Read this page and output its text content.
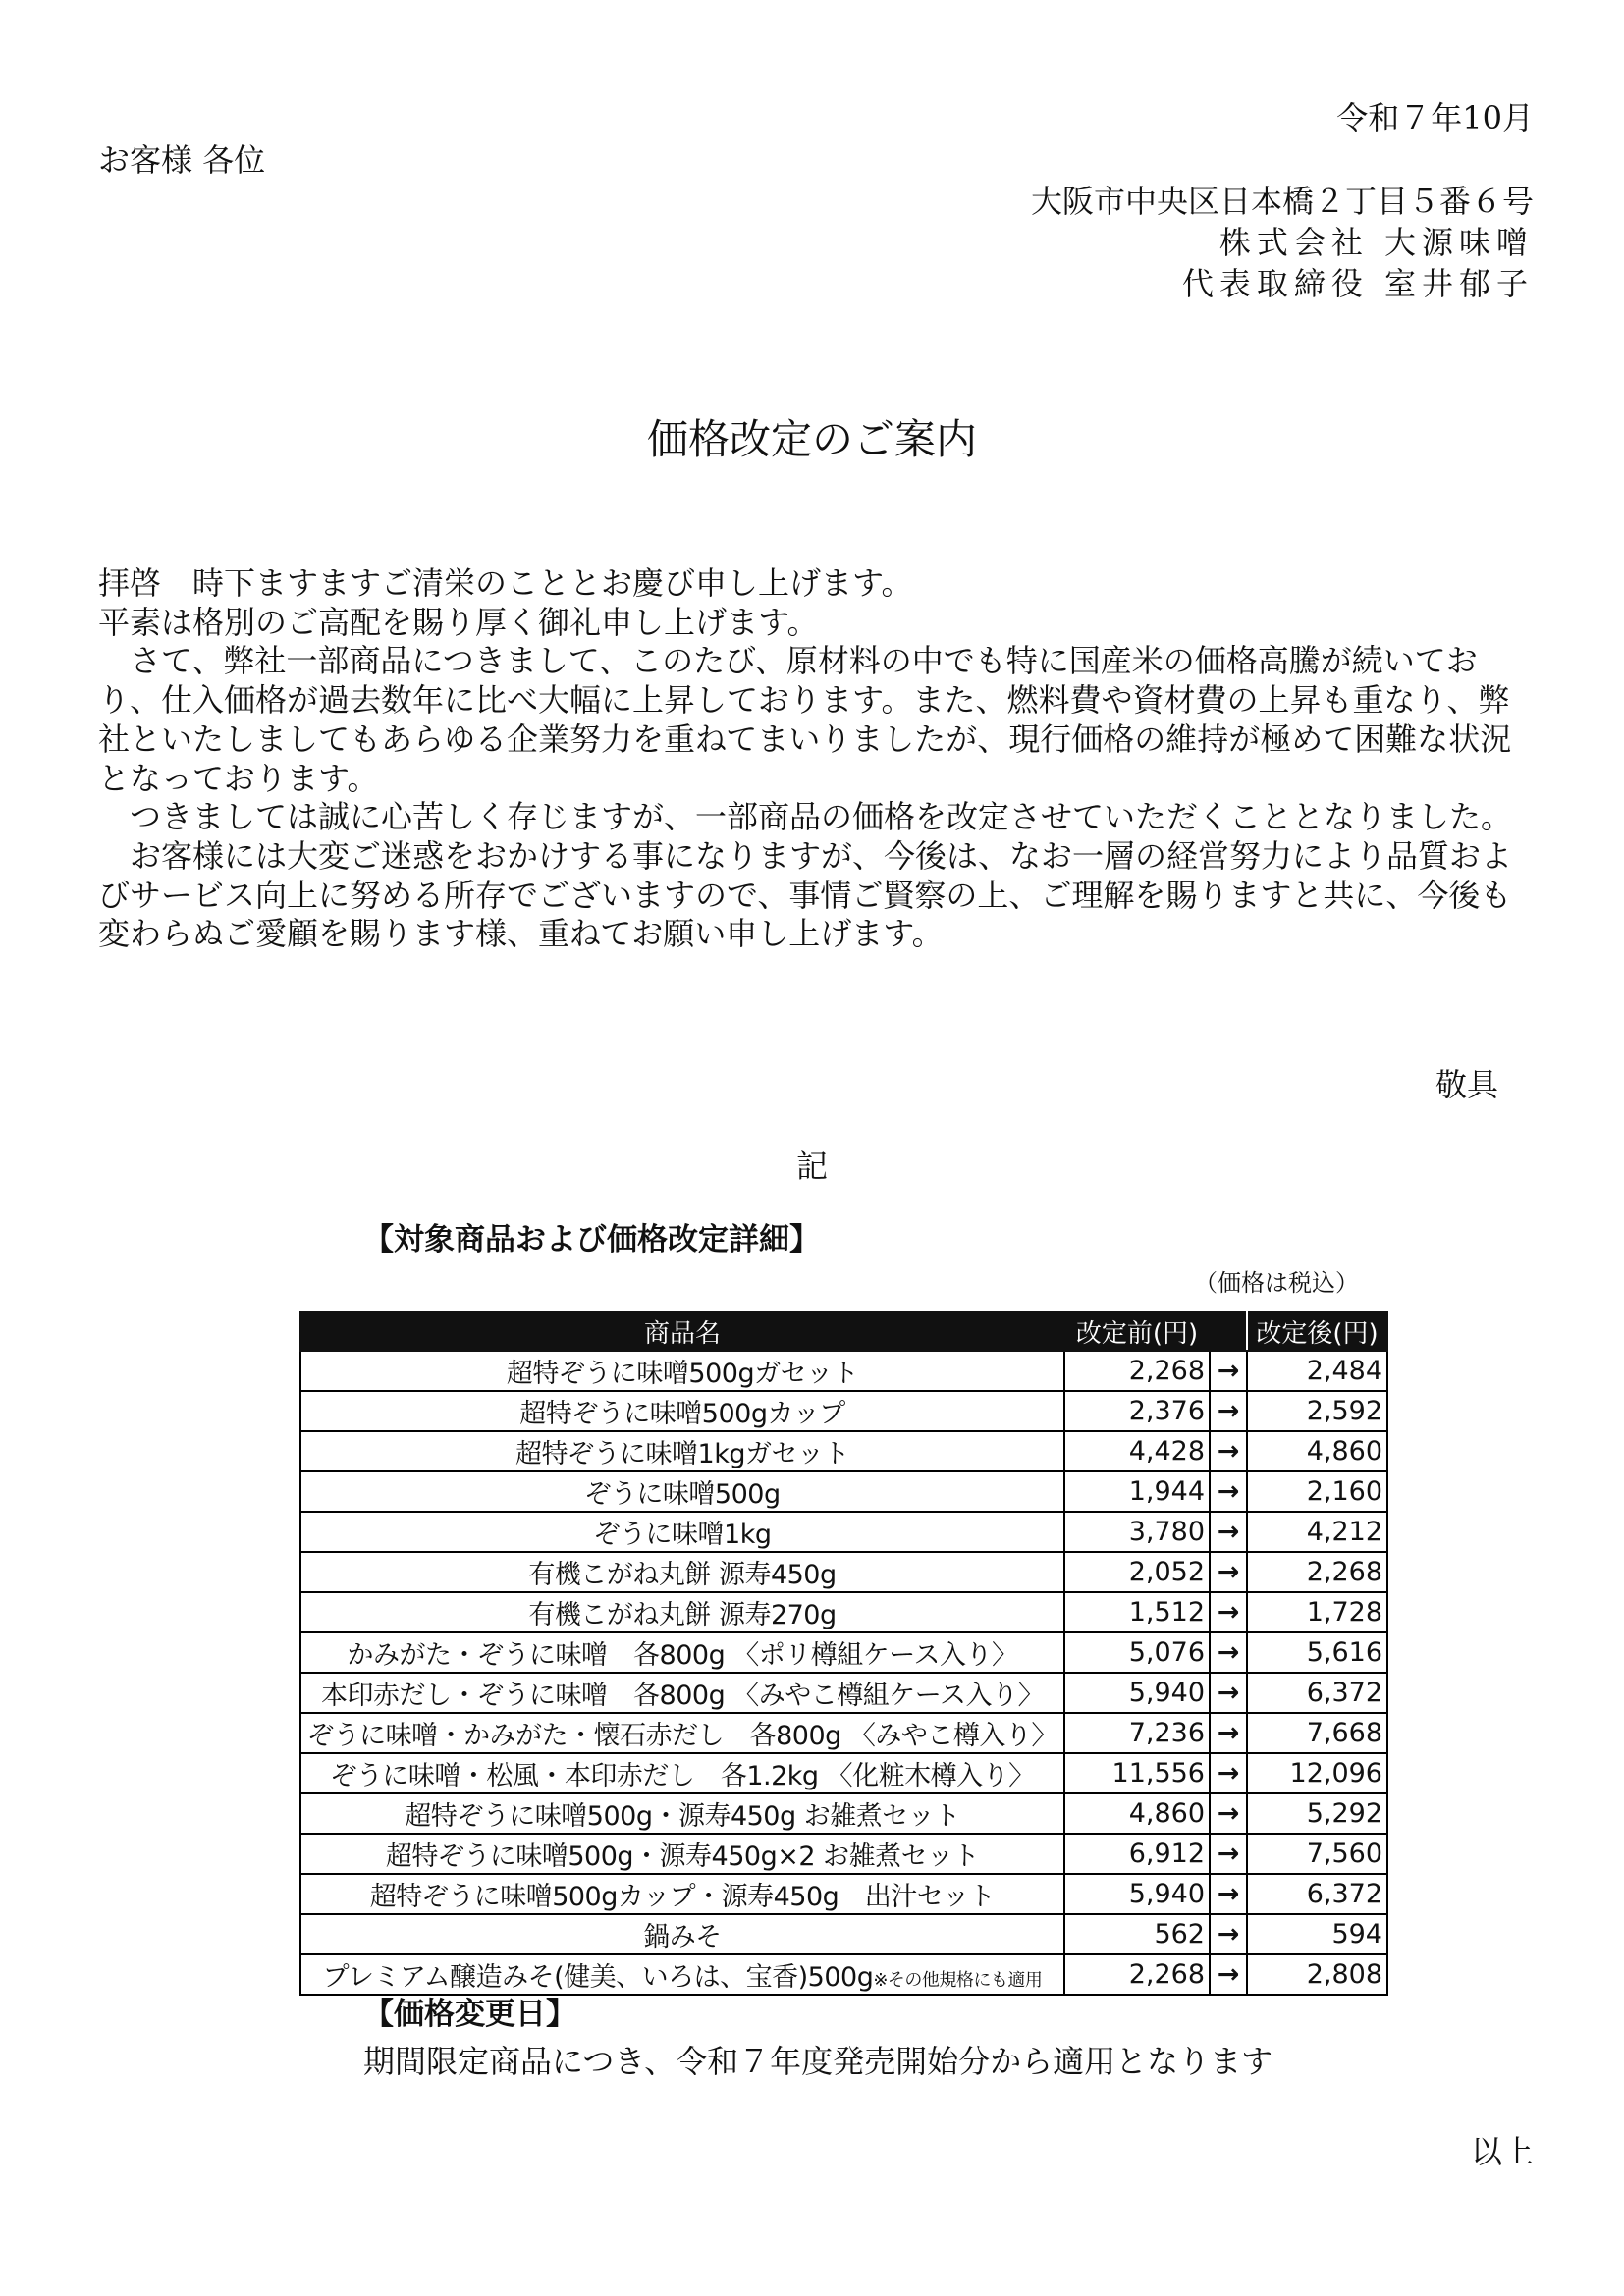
令和７年10月
お客様 各位
大阪市中央区日本橋２丁目５番６号
株式会社 大源味噌
代表取締役 室井郁子
価格改定のご案内

拝啓　時下ますますご清栄のこととお慶び申し上げます。

平素は格別のご高配を賜り厚く御礼申し上げます。

　さて、弊社一部商品につきまして、このたび、原材料の中でも特に国産米の価格高騰が続いており、仕入価格が過去数年に比べ大幅に上昇しております。また、燃料費や資材費の上昇も重なり、弊社といたしましてもあらゆる企業努力を重ねてまいりましたが、現行価格の維持が極めて困難な状況となっております。

　つきましては誠に心苦しく存じますが、一部商品の価格を改定させていただくこととなりました。

　お客様には大変ご迷惑をおかけする事になりますが、今後は、なお一層の経営努力により品質およびサービス向上に努める所存でございますので、事情ご賢察の上、ご理解を賜りますと共に、今後も変わらぬご愛顧を賜ります様、重ねてお願い申し上げます。

敬具
記
【対象商品および価格改定詳細】
（価格は税込）
商品名	改定前(円)		改定後(円)
超特ぞうに味噌500gガセット	2,268	→	2,484
超特ぞうに味噌500gカップ	2,376	→	2,592
超特ぞうに味噌1kgガセット	4,428	→	4,860
ぞうに味噌500g	1,944	→	2,160
ぞうに味噌1kg	3,780	→	4,212
有機こがね丸餅 源寿450g	2,052	→	2,268
有機こがね丸餅 源寿270g	1,512	→	1,728
かみがた・ぞうに味噌　各800g 〈ポリ樽組ケース入り〉	5,076	→	5,616
本印赤だし・ぞうに味噌　各800g 〈みやこ樽組ケース入り〉	5,940	→	6,372
ぞうに味噌・かみがた・懐石赤だし　各800g 〈みやこ樽入り〉	7,236	→	7,668
ぞうに味噌・松風・本印赤だし　各1.2kg 〈化粧木樽入り〉	11,556	→	12,096
超特ぞうに味噌500g・源寿450g お雑煮セット	4,860	→	5,292
超特ぞうに味噌500g・源寿450g×2 お雑煮セット	6,912	→	7,560
超特ぞうに味噌500gカップ・源寿450g　出汁セット	5,940	→	6,372
鍋みそ	562	→	594
プレミアム醸造みそ(健美、いろは、宝香)500g※その他規格にも適用	2,268	→	2,808
【価格変更日】
期間限定商品につき、令和７年度発売開始分から適用となります
以上
